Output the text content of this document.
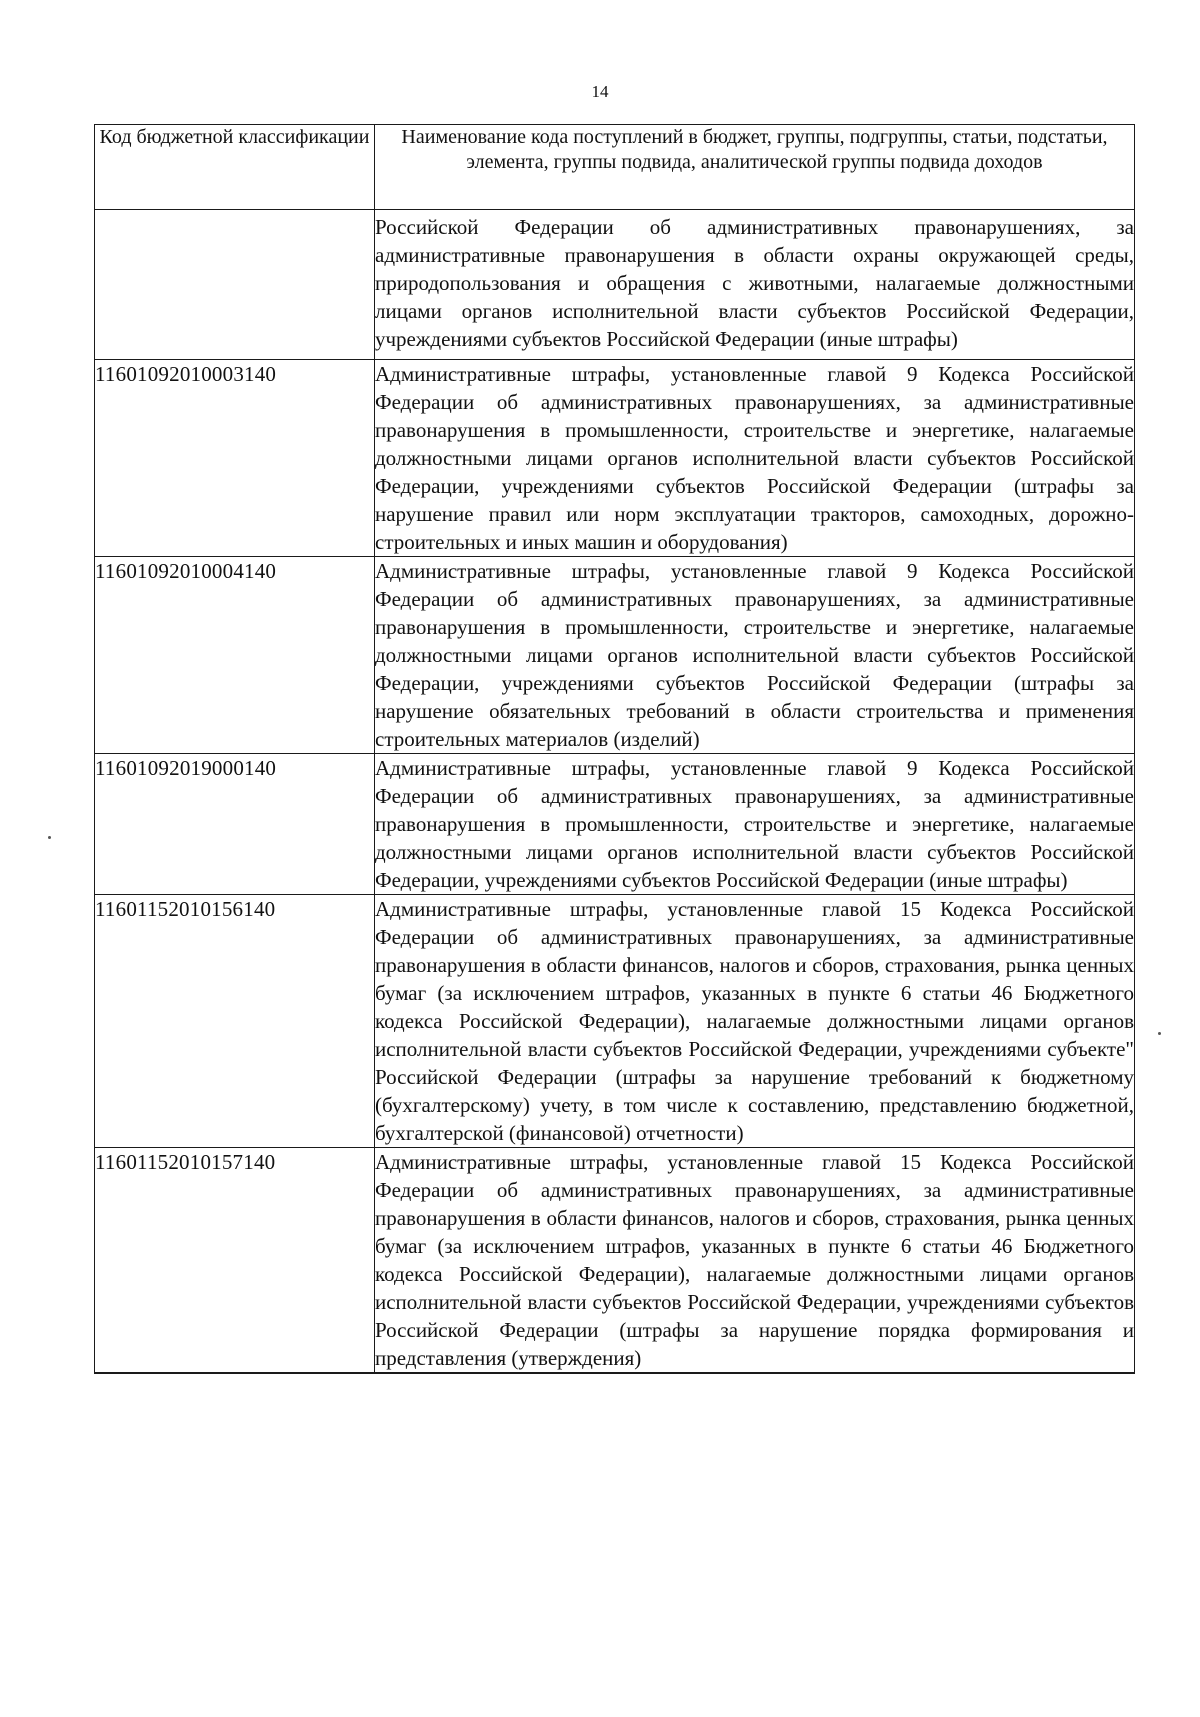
14
Код бюджетной классификации	Наименование кода поступлений в бюджет, группы, подгруппы, статьи, подстатьи, элемента, группы подвида, аналитической группы подвида доходов
	Российской Федерации об административных правонарушениях, за административные правонарушения в области охраны окружающей среды, природопользования и обращения с животными, налагаемые должностными лицами органов исполнительной власти субъектов Российской Федерации, учреждениями субъектов Российской Федерации (иные штрафы)
11601092010003140	Административные штрафы, установленные главой 9 Кодекса Российской Федерации об административных правонарушениях, за административные правонарушения в промышленности, строительстве и энергетике, налагаемые должностными лицами органов исполнительной власти субъектов Российской Федерации, учреждениями субъектов Российской Федерации (штрафы за нарушение правил или норм эксплуатации тракторов, самоходных, дорожно-строительных и иных машин и оборудования)
11601092010004140	Административные штрафы, установленные главой 9 Кодекса Российской Федерации об административных правонарушениях, за административные правонарушения в промышленности, строительстве и энергетике, налагаемые должностными лицами органов исполнительной власти субъектов Российской Федерации, учреждениями субъектов Российской Федерации (штрафы за нарушение обязательных требований в области строительства и применения строительных материалов (изделий)
11601092019000140	Административные штрафы, установленные главой 9 Кодекса Российской Федерации об административных правонарушениях, за административные правонарушения в промышленности, строительстве и энергетике, налагаемые должностными лицами органов исполнительной власти субъектов Российской Федерации, учреждениями субъектов Российской Федерации (иные штрафы)
11601152010156140	Административные штрафы, установленные главой 15 Кодекса Российской Федерации об административных правонарушениях, за административные правонарушения в области финансов, налогов и сборов, страхования, рынка ценных бумаг (за исключением штрафов, указанных в пункте 6 статьи 46 Бюджетного кодекса Российской Федерации), налагаемые должностными лицами органов исполнительной власти субъектов Российской Федерации, учреждениями субъекте" Российской Федерации (штрафы за нарушение требований к бюджетному (бухгалтерскому) учету, в том числе к составлению, представлению бюджетной, бухгалтерской (финансовой) отчетности)
11601152010157140	Административные штрафы, установленные главой 15 Кодекса Российской Федерации об административных правонарушениях, за административные правонарушения в области финансов, налогов и сборов, страхования, рынка ценных бумаг (за исключением штрафов, указанных в пункте 6 статьи 46 Бюджетного кодекса Российской Федерации), налагаемые должностными лицами органов исполнительной власти субъектов Российской Федерации, учреждениями субъектов Российской Федерации (штрафы за нарушение порядка формирования и представления (утверждения)
